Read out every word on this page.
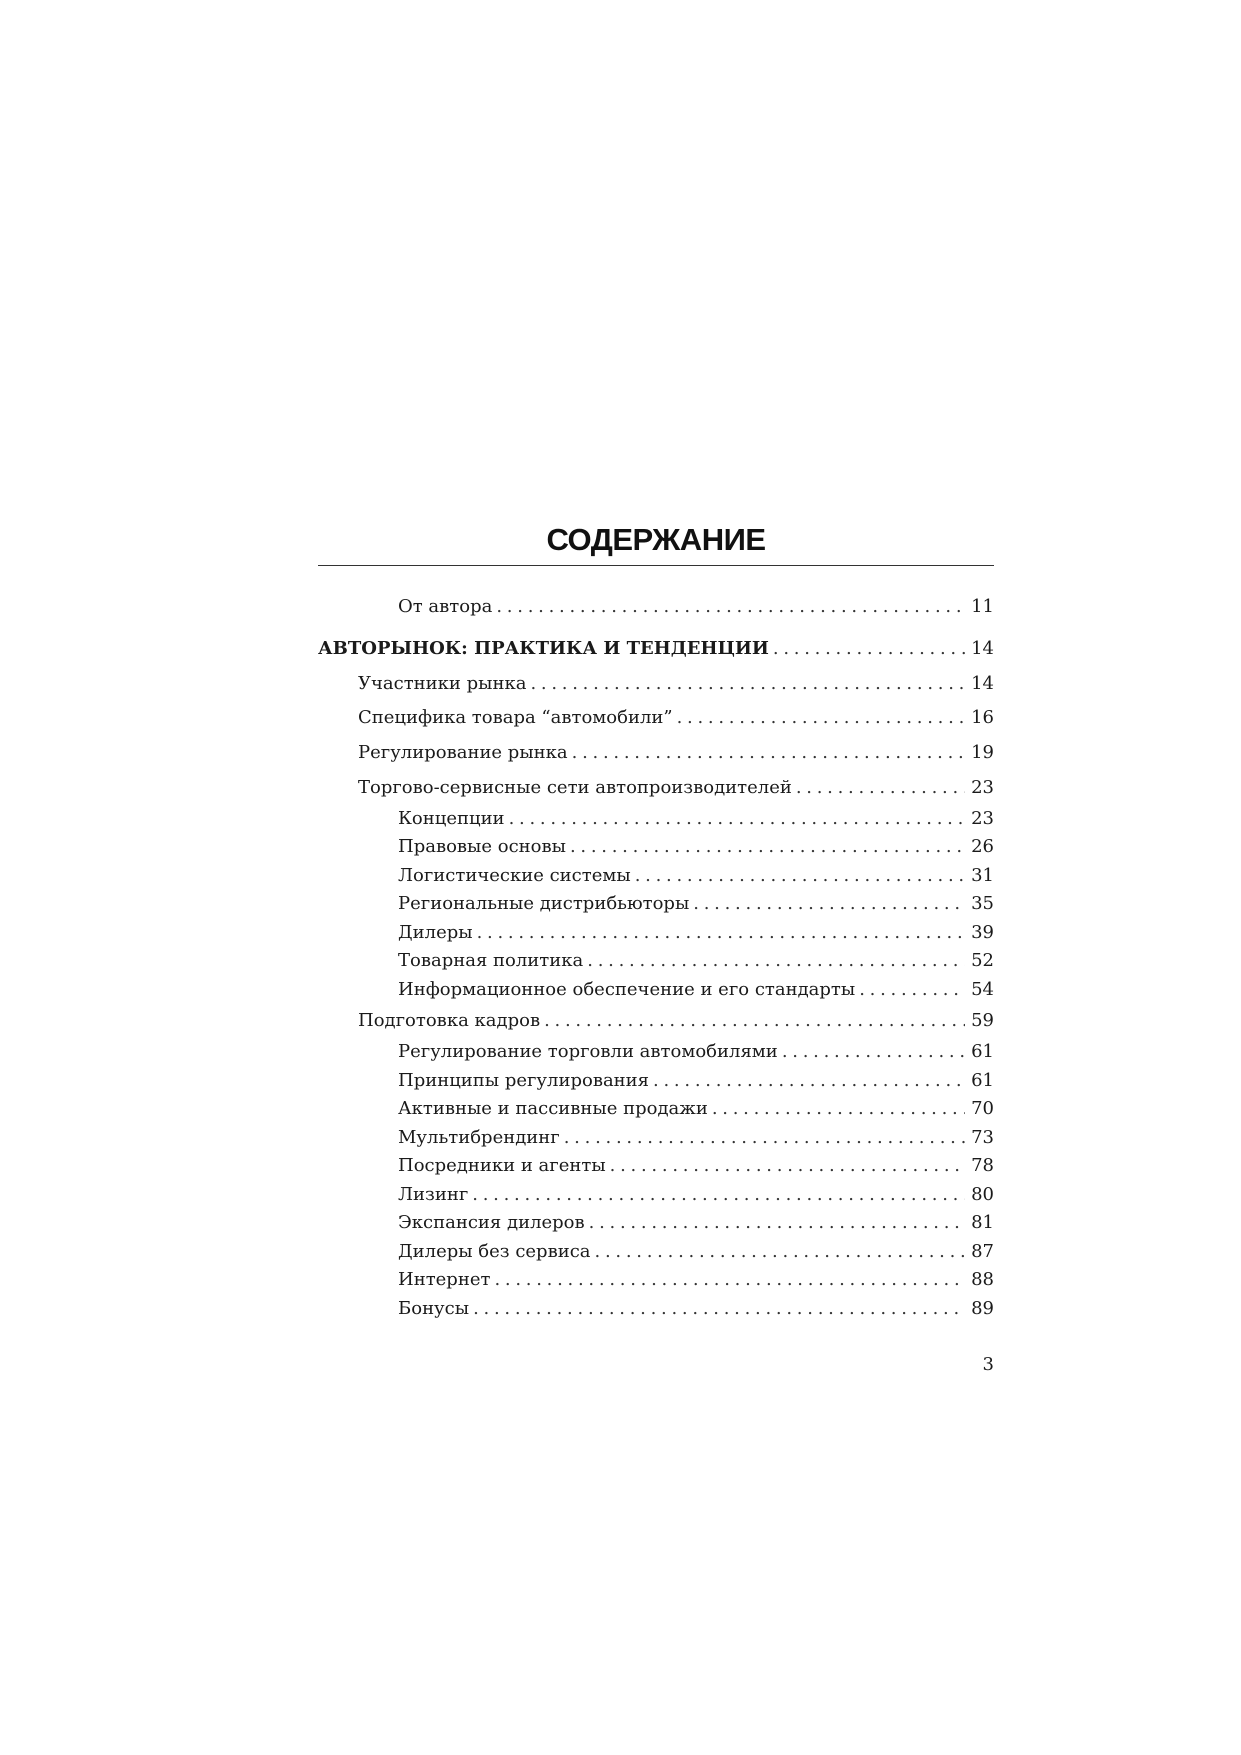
СОДЕРЖАНИЕ
От автора . . .	11
АВТОРЫНОК: ПРАКТИКА И ТЕНДЕНЦИИ . . .	14
Участники рынка . . .	14
Специфика товара “автомобили” . . .	16
Регулирование рынка . . .	19
Торгово-сервисные сети автопроизводителей . . .	23
Концепции . . .	23
Правовые основы . . .	26
Логистические системы . . .	31
Региональные дистрибьюторы . . .	35
Дилеры . . .	39
Товарная политика . . .	52
Информационное обеспечение и его стандарты . . .	54
Подготовка кадров . . .	59
Регулирование торговли автомобилями . . .	61
Принципы регулирования . . .	61
Активные и пассивные продажи . . .	70
Мультибрендинг . . .	73
Посредники и агенты . . .	78
Лизинг . . .	80
Экспансия дилеров . . .	81
Дилеры без сервиса . . .	87
Интернет . . .	88
Бонусы . . .	89
3
